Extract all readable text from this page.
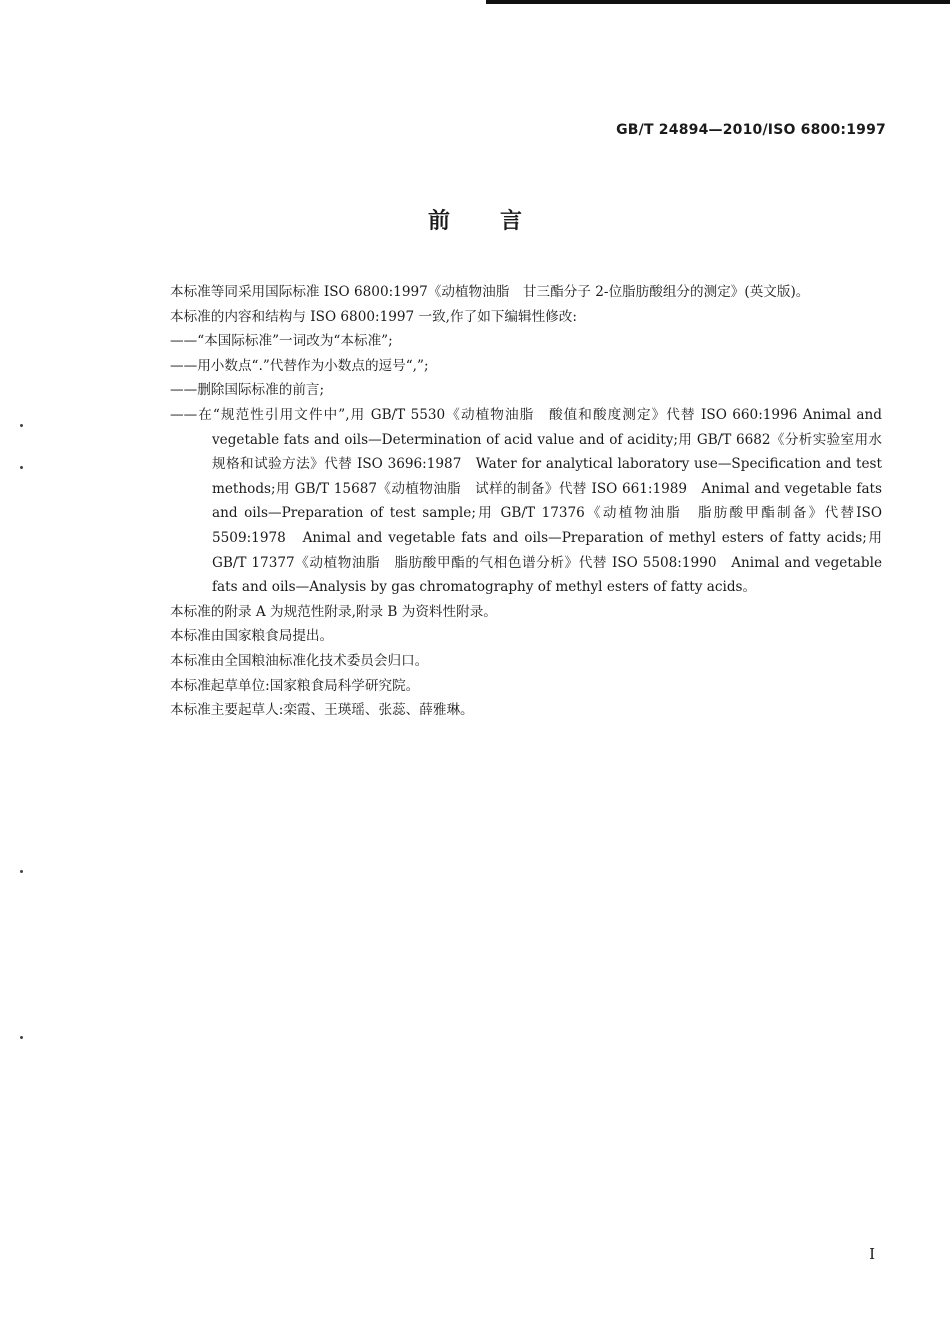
GB/T 24894—2010/ISO 6800:1997
前 言

本标准等同采用国际标准 ISO 6800:1997《动植物油脂　甘三酯分子 2-位脂肪酸组分的测定》(英文版)。

本标准的内容和结构与 ISO 6800:1997 一致,作了如下编辑性修改:

——“本国际标准”一词改为“本标准”;

——用小数点“.”代替作为小数点的逗号“,”;

——删除国际标准的前言;

——在“规范性引用文件中”,用 GB/T 5530《动植物油脂　酸值和酸度测定》代替 ISO 660:1996 Animal and vegetable fats and oils—Determination of acid value and of acidity;用 GB/T 6682《分析实验室用水规格和试验方法》代替 ISO 3696:1987　Water for analytical laboratory use—Specification and test methods;用 GB/T 15687《动植物油脂　试样的制备》代替 ISO 661:1989　Animal and vegetable fats and oils—Preparation of test sample;用 GB/T 17376《动植物油脂　脂肪酸甲酯制备》代替ISO 5509:1978　Animal and vegetable fats and oils—Preparation of methyl esters of fatty acids;用 GB/T 17377《动植物油脂　脂肪酸甲酯的气相色谱分析》代替 ISO 5508:1990　Animal and vegetable fats and oils—Analysis by gas chromatography of methyl esters of fatty acids。

本标准的附录 A 为规范性附录,附录 B 为资料性附录。

本标准由国家粮食局提出。

本标准由全国粮油标准化技术委员会归口。

本标准起草单位:国家粮食局科学研究院。

本标准主要起草人:栾霞、王瑛瑶、张蕊、薛雅琳。

I
